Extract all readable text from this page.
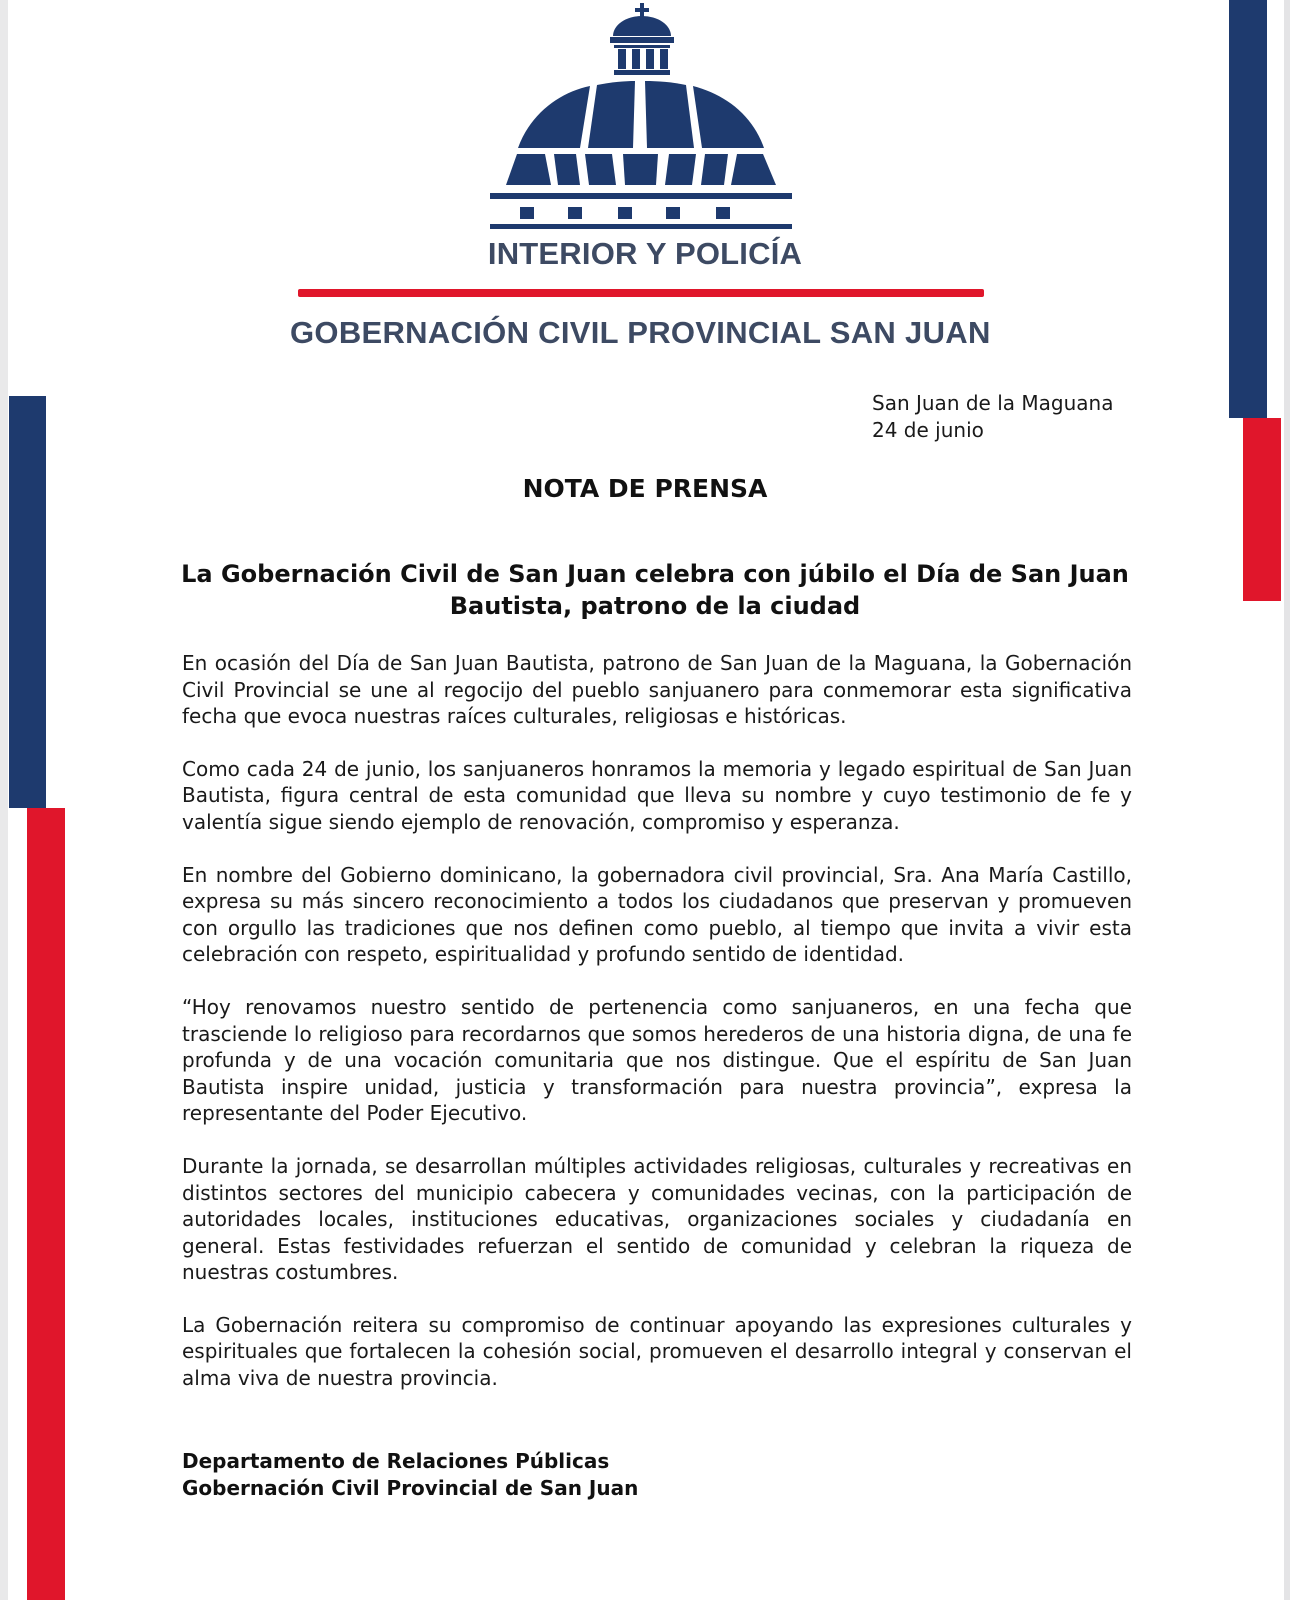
INTERIOR Y POLICÍA
GOBERNACIÓN CIVIL PROVINCIAL SAN JUAN
San Juan de la Maguana
24 de junio
NOTA DE PRENSA
La Gobernación Civil de San Juan celebra con júbilo el Día de San Juan Bautista, patrono de la ciudad

En ocasión del Día de San Juan Bautista, patrono de San Juan de la Maguana, la Gobernación Civil Provincial se une al regocijo del pueblo sanjuanero para conmemorar esta significativa fecha que evoca nuestras raíces culturales, religiosas e históricas.

Como cada 24 de junio, los sanjuaneros honramos la memoria y legado espiritual de San Juan Bautista, figura central de esta comunidad que lleva su nombre y cuyo testimonio de fe y valentía sigue siendo ejemplo de renovación, compromiso y esperanza.

En nombre del Gobierno dominicano, la gobernadora civil provincial, Sra. Ana María Castillo, expresa su más sincero reconocimiento a todos los ciudadanos que preservan y promueven con orgullo las tradiciones que nos definen como pueblo, al tiempo que invita a vivir esta celebración con respeto, espiritualidad y profundo sentido de identidad.

“Hoy renovamos nuestro sentido de pertenencia como sanjuaneros, en una fecha que trasciende lo religioso para recordarnos que somos herederos de una historia digna, de una fe profunda y de una vocación comunitaria que nos distingue. Que el espíritu de San Juan Bautista inspire unidad, justicia y transformación para nuestra provincia”, expresa la representante del Poder Ejecutivo.

Durante la jornada, se desarrollan múltiples actividades religiosas, culturales y recreativas en distintos sectores del municipio cabecera y comunidades vecinas, con la participación de autoridades locales, instituciones educativas, organizaciones sociales y ciudadanía en general. Estas festividades refuerzan el sentido de comunidad y celebran la riqueza de nuestras costumbres.

La Gobernación reitera su compromiso de continuar apoyando las expresiones culturales y espirituales que fortalecen la cohesión social, promueven el desarrollo integral y conservan el alma viva de nuestra provincia.

Departamento de Relaciones Públicas
Gobernación Civil Provincial de San Juan
